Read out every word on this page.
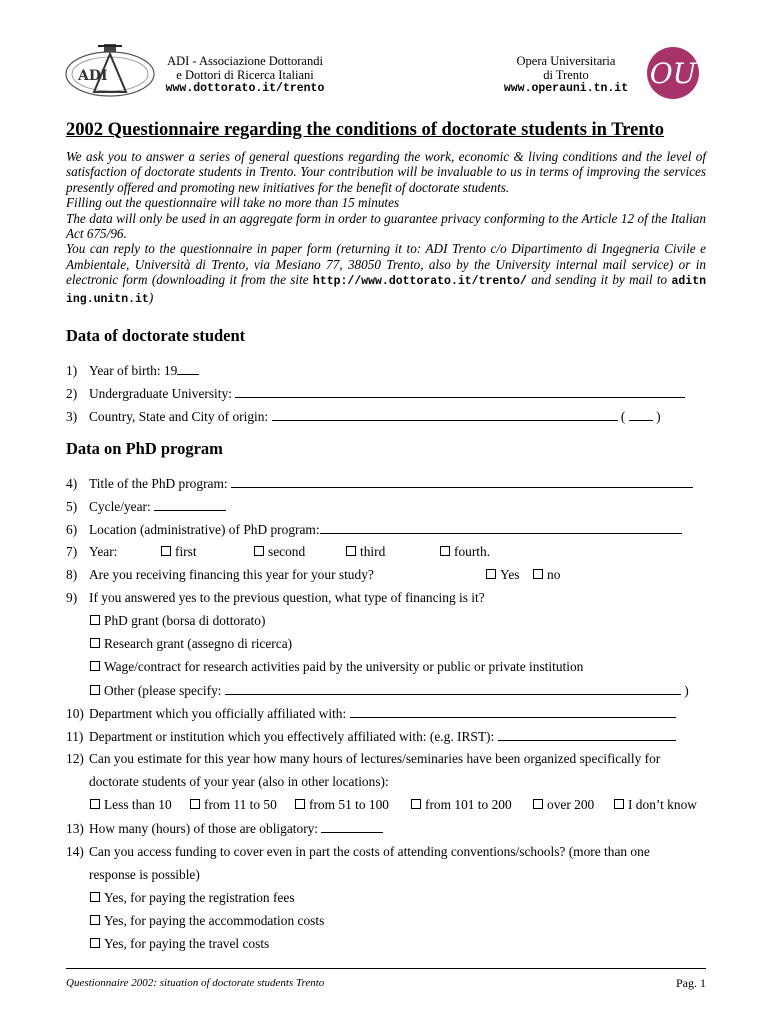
ADI
ADI - Associazione Dottorandi
e Dottori di Ricerca Italiani
www.dottorato.it/trento
Opera Universitaria
di Trento
www.operauni.tn.it OU
2002 Questionnaire regarding the conditions of doctorate students in Trento

We ask you to answer a series of general questions regarding the work, economic & living conditions and the level of satisfaction of doctorate students in Trento. Your contribution will be invaluable to us in terms of improving the services presently offered and promoting new initiatives for the benefit of doctorate students.

Filling out the questionnaire will take no more than 15 minutes

The data will only be used in an aggregate form in order to guarantee privacy conforming to the Article 12 of the Italian Act 675/96.

You can reply to the questionnaire in paper form (returning it to: ADI Trento c/o Dipartimento di Ingegneria Civile e Ambientale, Università di Trento, via Mesiano 77, 38050 Trento, also by the University internal mail service) or in electronic form (downloading it from the site http://www.dottorato.it/trento/ and sending it by mail to aditn ing.unitn.it)

Data of doctorate student
1) Year of birth: 19
2) Undergraduate University:
3) Country, State and City of origin:	( )
Data on PhD program
4) Title of the PhD program:
5) Cycle/year:
6) Location (administrative) of PhD program:
7) Year:	first	second	third	fourth.
8) Are you receiving financing this year for your study?	Yes	no
9) If you answered yes to the previous question, what type of financing is it?
PhD grant (borsa di dottorato)
Research grant (assegno di ricerca)
Wage/contract for research activities paid by the university or public or private institution
Other (please specify:	)
10) Department which you officially affiliated with:
11) Department or institution which you effectively affiliated with: (e.g. IRST):
12) Can you estimate for this year how many hours of lectures/seminaries have been organized specifically for
doctorate students of your year (also in other locations):
Less than 10	from 11 to 50	from 51 to 100	from 101 to 200	over 200	I don’t know
13) How many (hours) of those are obligatory:
14) Can you access funding to cover even in part the costs of attending conventions/schools? (more than one
response is possible)
Yes, for paying the registration fees
Yes, for paying the accommodation costs
Yes, for paying the travel costs
Questionnaire 2002: situation of doctorate students Trento	Pag. 1
